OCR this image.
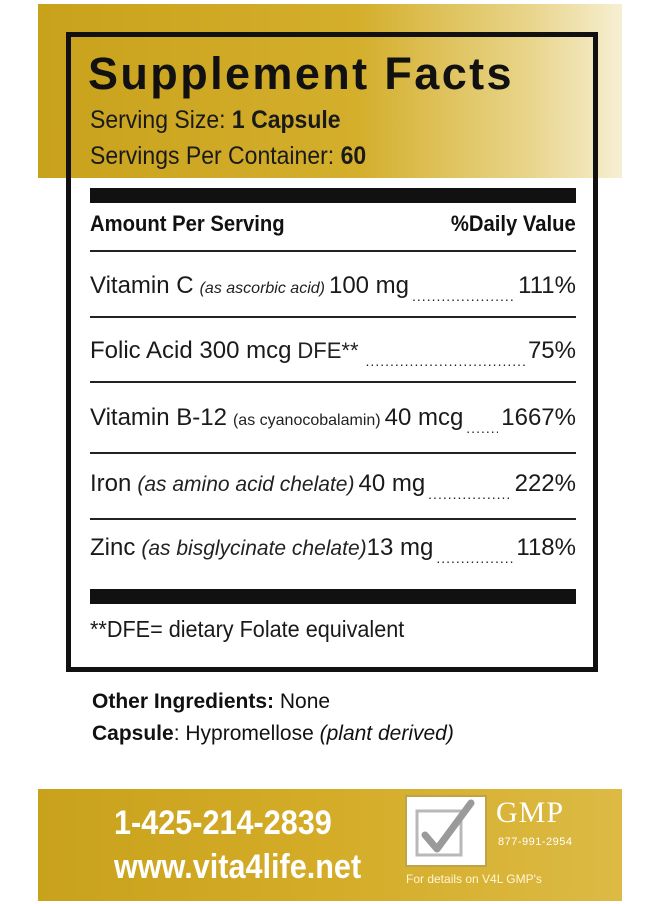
Supplement Facts
Serving Size: 1 Capsule
Servings Per Container: 60
Amount Per Serving	%Daily Value
Vitamin C (as ascorbic acid) 100 mg .....	111%
Folic Acid 300 mcg DFE** .....	75%
Vitamin B-12 (as cyanocobalamin) 40 mcg ..... 1667%
Iron (as amino acid chelate) 40 mg .....	222%
Zinc (as bisglycinate chelate) 13 mg .....	118%
**DFE= dietary Folate equivalent
Other Ingredients: None
Capsule: Hypromellose (plant derived)
1-425-214-2839
www.vita4life.net
GMP
877-991-2954
For details on V4L GMP's
